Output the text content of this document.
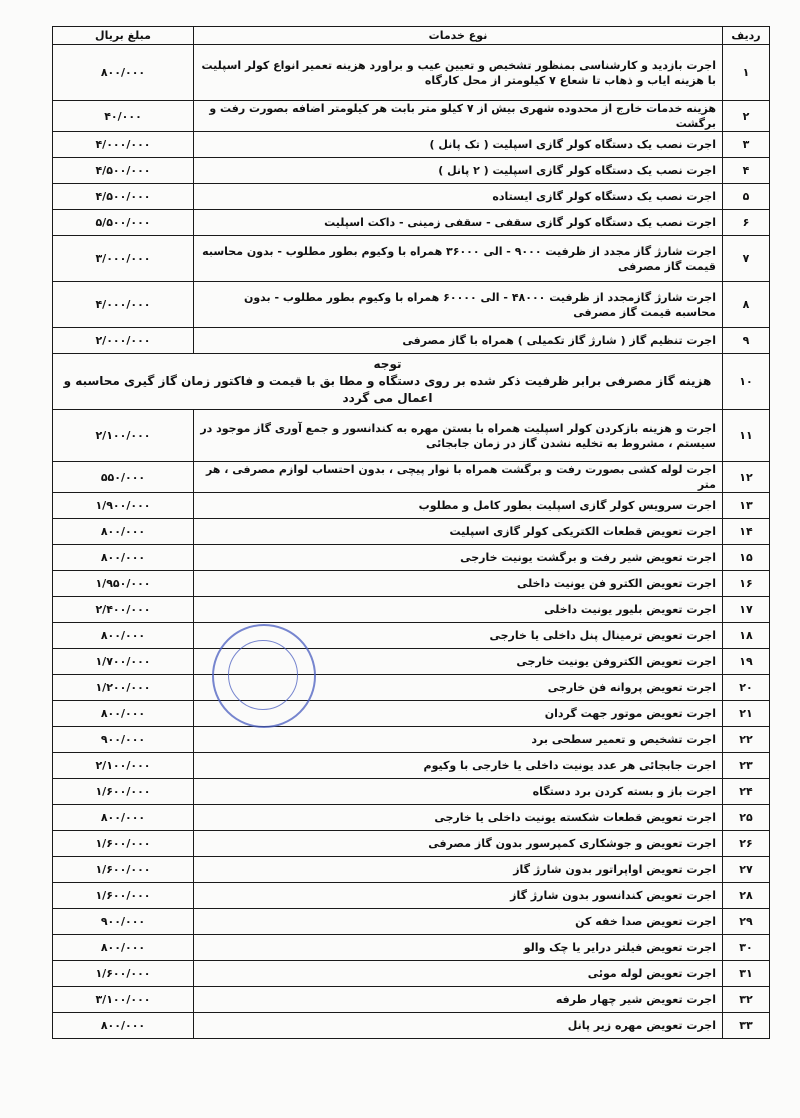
ردیف	نوع خدمات	مبلغ بریال
۱	اجرت بازدید و کارشناسی بمنظور تشخیص و تعیین عیب و براورد هزینه تعمیر انواع کولر اسپلیت با هزینه ایاب و ذهاب تا شعاع ۷ کیلومتر از محل کارگاه	۸۰۰/۰۰۰
۲	هزینه خدمات خارج از محدوده شهری بیش از ۷ کیلو متر بابت هر کیلومتر اضافه بصورت رفت و برگشت	۴۰/۰۰۰
۳	اجرت نصب یک دستگاه کولر گازی اسپلیت ( تک پانل )	۴/۰۰۰/۰۰۰
۴	اجرت نصب یک دستگاه کولر گازی اسپلیت ( ۲ پانل )	۴/۵۰۰/۰۰۰
۵	اجرت نصب یک دستگاه کولر گازی ایستاده	۴/۵۰۰/۰۰۰
۶	اجرت نصب یک دستگاه کولر گازی سقفی - سقفی زمینی - داکت اسپلیت	۵/۵۰۰/۰۰۰
۷	اجرت شارژ گاز مجدد از ظرفیت ۹۰۰۰ - الی ۳۶۰۰۰ همراه با وکیوم بطور مطلوب - بدون محاسبه قیمت گاز مصرفی	۳/۰۰۰/۰۰۰
۸	اجرت شارژ گازمجدد از ظرفیت ۴۸۰۰۰ - الی ۶۰۰۰۰ همراه با وکیوم بطور مطلوب - بدون محاسبه قیمت گاز مصرفی	۴/۰۰۰/۰۰۰
۹	اجرت تنظیم گاز ( شارژ گاز تکمیلی ) همراه با گاز مصرفی	۲/۰۰۰/۰۰۰
۱۰	توجه
هزینه گاز مصرفی برابر ظرفیت ذکر شده بر روی دستگاه و مطا بق با قیمت و فاکتور زمان گاز گیری محاسبه و اعمال می گردد	

۱۱	اجرت و هزینه بازکردن کولر اسپلیت همراه با بستن مهره به کندانسور و جمع آوری گاز موجود در سیستم ، مشروط به تخلیه نشدن گاز در زمان جابجائی	۲/۱۰۰/۰۰۰
۱۲	اجرت لوله کشی بصورت رفت و برگشت همراه با نوار پیچی ، بدون احتساب لوازم مصرفی ، هر متر	۵۵۰/۰۰۰
۱۳	اجرت سرویس کولر گازی اسپلیت بطور کامل و مطلوب	۱/۹۰۰/۰۰۰
۱۴	اجرت تعویض قطعات الکتریکی کولر گازی اسپلیت	۸۰۰/۰۰۰
۱۵	اجرت تعویض شیر رفت و برگشت یونیت خارجی	۸۰۰/۰۰۰
۱۶	اجرت تعویض الکترو فن یونیت داخلی	۱/۹۵۰/۰۰۰
۱۷	اجرت تعویض بلیور یونیت داخلی	۲/۴۰۰/۰۰۰
۱۸	اجرت تعویض ترمینال پنل داخلی یا خارجی	۸۰۰/۰۰۰
۱۹	اجرت تعویض الکتروفن یونیت خارجی	۱/۷۰۰/۰۰۰
۲۰	اجرت تعویض پروانه فن خارجی	۱/۲۰۰/۰۰۰
۲۱	اجرت تعویض موتور جهت گردان	۸۰۰/۰۰۰
۲۲	اجرت تشخیص و تعمیر سطحی برد	۹۰۰/۰۰۰
۲۳	اجرت جابجائی هر عدد یونیت داخلی یا خارجی با وکیوم	۲/۱۰۰/۰۰۰
۲۴	اجرت باز و بسته کردن برد دستگاه	۱/۶۰۰/۰۰۰
۲۵	اجرت تعویض قطعات شکسته یونیت داخلی یا خارجی	۸۰۰/۰۰۰
۲۶	اجرت تعویض و جوشکاری کمپرسور بدون گاز مصرفی	۱/۶۰۰/۰۰۰
۲۷	اجرت تعویض اواپراتور بدون شارژ گاز	۱/۶۰۰/۰۰۰
۲۸	اجرت تعویض کندانسور بدون شارژ گاز	۱/۶۰۰/۰۰۰
۲۹	اجرت تعویض صدا خفه کن	۹۰۰/۰۰۰
۳۰	اجرت تعویض فیلتر درایر یا چک والو	۸۰۰/۰۰۰
۳۱	اجرت تعویض لوله موئی	۱/۶۰۰/۰۰۰
۳۲	اجرت تعویض شیر چهار طرفه	۳/۱۰۰/۰۰۰
۳۳	اجرت تعویض مهره زیر پانل	۸۰۰/۰۰۰
